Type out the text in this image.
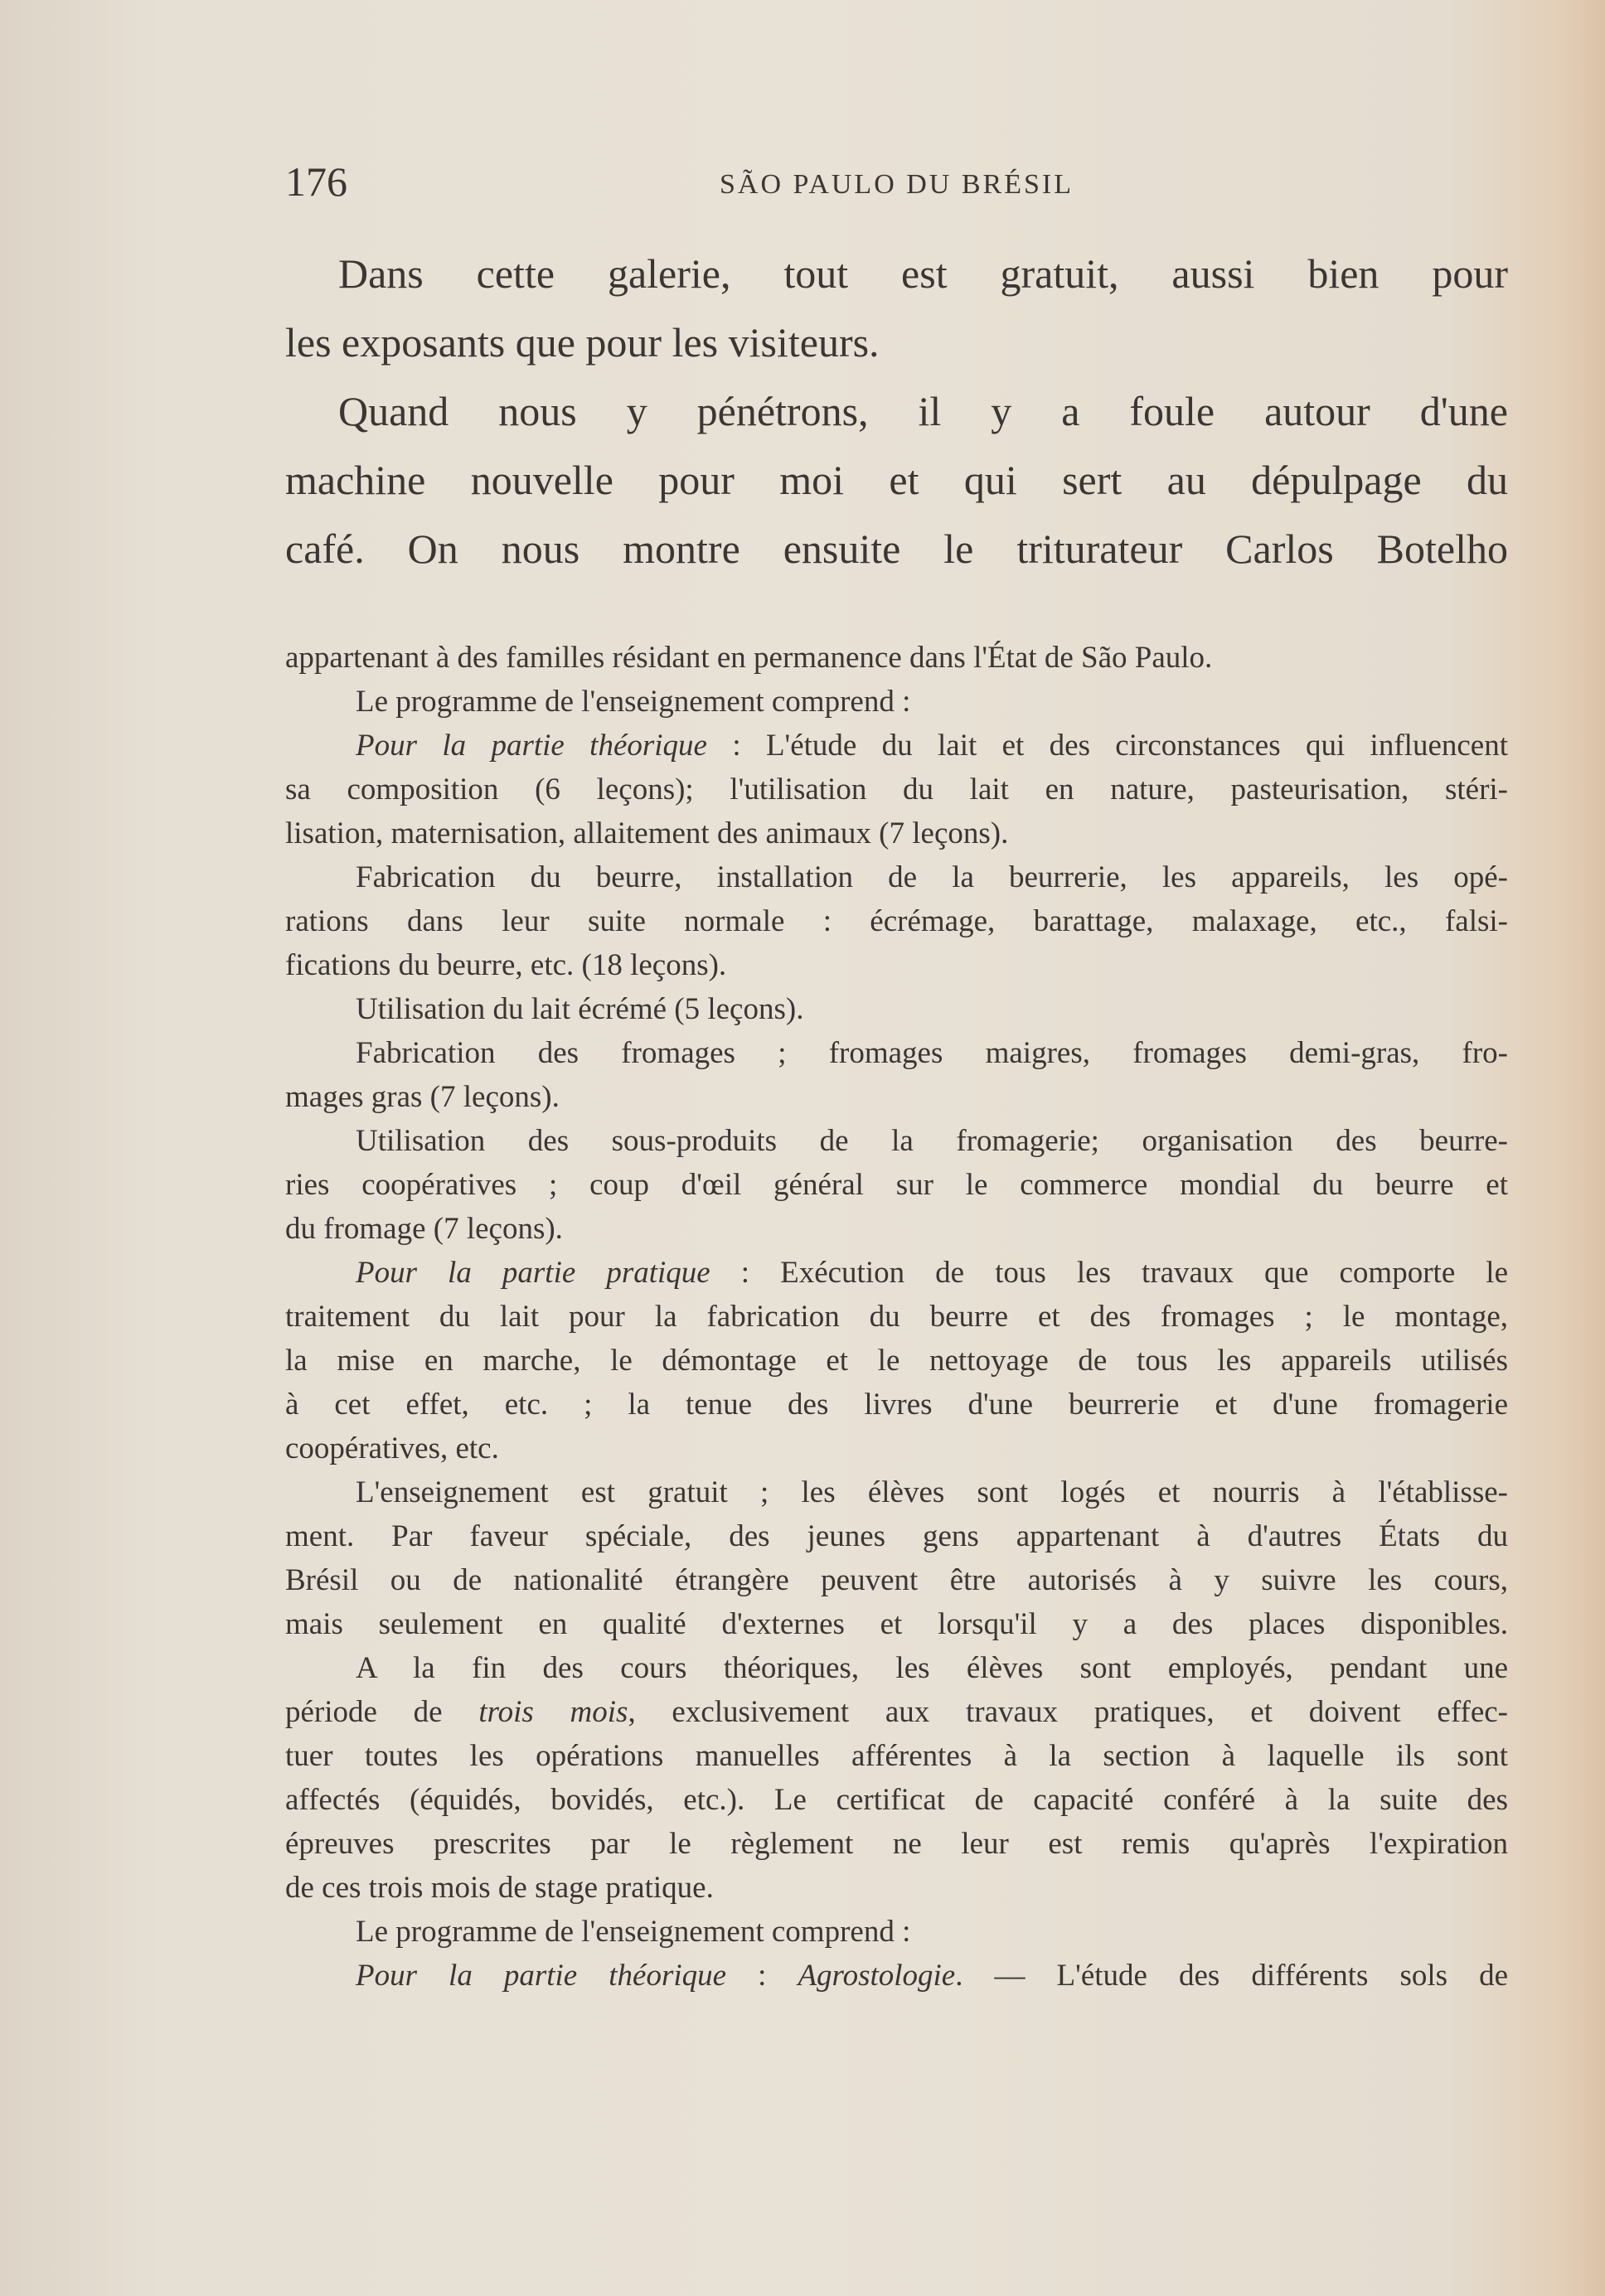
176	SÃO PAULO DU BRÉSIL
Dans cette galerie, tout est gratuit, aussi bien pour
les exposants que pour les visiteurs.
Quand nous y pénétrons, il y a foule autour d'une
machine nouvelle pour moi et qui sert au dépulpage du
café. On nous montre ensuite le triturateur Carlos Botelho
appartenant à des familles résidant en permanence dans l'État de São Paulo.
Le programme de l'enseignement comprend :
Pour la partie théorique : L'étude du lait et des circonstances qui influencent
sa composition (6 leçons); l'utilisation du lait en nature, pasteurisation, stéri-
lisation, maternisation, allaitement des animaux (7 leçons).
Fabrication du beurre, installation de la beurrerie, les appareils, les opé-
rations dans leur suite normale : écrémage, barattage, malaxage, etc., falsi-
fications du beurre, etc. (18 leçons).
Utilisation du lait écrémé (5 leçons).
Fabrication des fromages ; fromages maigres, fromages demi-gras, fro-
mages gras (7 leçons).
Utilisation des sous-produits de la fromagerie; organisation des beurre-
ries coopératives ; coup d'œil général sur le commerce mondial du beurre et
du fromage (7 leçons).
Pour la partie pratique : Exécution de tous les travaux que comporte le
traitement du lait pour la fabrication du beurre et des fromages ; le montage,
la mise en marche, le démontage et le nettoyage de tous les appareils utilisés
à cet effet, etc. ; la tenue des livres d'une beurrerie et d'une fromagerie
coopératives, etc.
L'enseignement est gratuit ; les élèves sont logés et nourris à l'établisse-
ment. Par faveur spéciale, des jeunes gens appartenant à d'autres États du
Brésil ou de nationalité étrangère peuvent être autorisés à y suivre les cours,
mais seulement en qualité d'externes et lorsqu'il y a des places disponibles.
A la fin des cours théoriques, les élèves sont employés, pendant une
période de trois mois, exclusivement aux travaux pratiques, et doivent effec-
tuer toutes les opérations manuelles afférentes à la section à laquelle ils sont
affectés (équidés, bovidés, etc.). Le certificat de capacité conféré à la suite des
épreuves prescrites par le règlement ne leur est remis qu'après l'expiration
de ces trois mois de stage pratique.
Le programme de l'enseignement comprend :
Pour la partie théorique : Agrostologie. — L'étude des différents sols de
